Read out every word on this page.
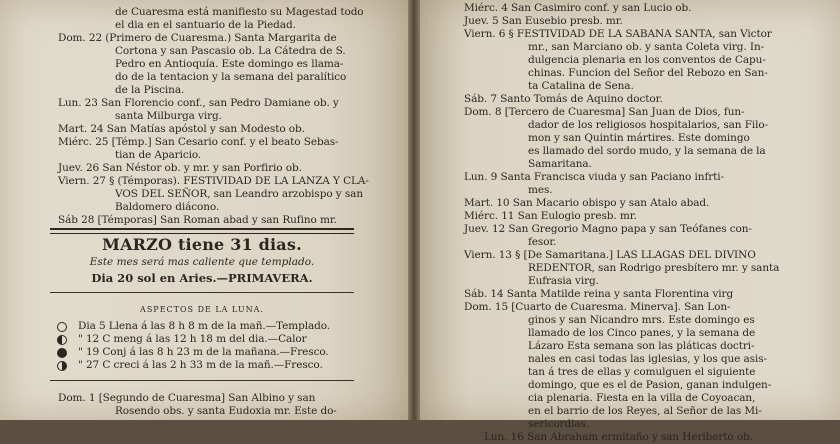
MARZO tiene 31 dias.
Este mes será mas caliente que templado.
Dia 20 sol en Aries.—PRIMAVERA.
ASPECTOS DE LA LUNA.
Dia 5 Llena á las 8 h 8 m de la mañ.—Templado.
" 12 C meng á las 12 h 18 m del dia.—Calor
" 19 Conj á las 8 h 23 m de la mañana.—Fresco.
" 27 C creci á las 2 h 33 m de la mañ.—Fresco.
de Cuaresma está manifiesto su Magestad todo
el dia en el santuario de la Piedad.
Dom. 22 (Primero de Cuaresma.) Santa Margarita de
Cortona y san Pascasio ob. La Cátedra de S.
Pedro en Antioquía. Este domingo es llama-
do de la tentacion y la semana del paralítico
de la Piscina.
Lun. 23 San Florencio conf., san Pedro Damiane ob. y
santa Milburga virg.
Mart. 24 San Matías apóstol y san Modesto ob.
Miérc. 25 [Témp.] San Cesario conf. y el beato Sebas-
tian de Aparicio.
Juev. 26 San Néstor ob. y mr. y san Porfirio ob.
Viern. 27 § (Témporas). FESTIVIDAD DE LA LANZA Y CLA-
VOS DEL SEÑOR, san Leandro arzobispo y san
Baldomero diácono.
Sáb 28 [Témporas] San Roman abad y san Rufino mr.
Dom. 1 [Segundo de Cuaresma] San Albino y san
Rosendo obs. y santa Eudoxia mr. Este do-
Miérc. 4 San Casimiro conf. y san Lucio ob.
Juev. 5 San Eusebio presb. mr.
Viern. 6 § FESTIVIDAD DE LA SABANA SANTA, san Victor
mr., san Marciano ob. y santa Coleta virg. In-
dulgencia plenaria en los conventos de Capu-
chinas. Funcion del Señor del Rebozo en San-
ta Catalina de Sena.
Sáb. 7 Santo Tomás de Aquino doctor.
Dom. 8 [Tercero de Cuaresma] San Juan de Dios, fun-
dador de los religiosos hospitalarios, san Filo-
mon y san Quintin mártires. Este domingo
es llamado del sordo mudo, y la semana de la
Samaritana.
Lun. 9 Santa Francisca viuda y san Paciano infrti-
mes.
Mart. 10 San Macario obispo y san Atalo abad.
Miérc. 11 San Eulogio presb. mr.
Juev. 12 San Gregorio Magno papa y san Teófanes con-
fesor.
Viern. 13 § [De Samaritana.] LAS LLAGAS DEL DIVINO
REDENTOR, san Rodrigo presbítero mr. y santa
Eufrasia virg.
Sáb. 14 Santa Matilde reina y santa Florentina virg
Dom. 15 [Cuarto de Cuaresma. Minerva]. San Lon-
ginos y san Nicandro mrs. Este domingo es
llamado de los Cinco panes, y la semana de
Lázaro Esta semana son las pláticas doctri-
nales en casi todas las iglesias, y los que asis-
tan á tres de ellas y comulguen el siguiente
domingo, que es el de Pasion, ganan indulgen-
cia plenaria. Fiesta en la villa de Coyoacan,
en el barrio de los Reyes, al Señor de las Mi-
sericordias.
Lun. 16 San Abraham ermitaño y san Heriberto ob.
